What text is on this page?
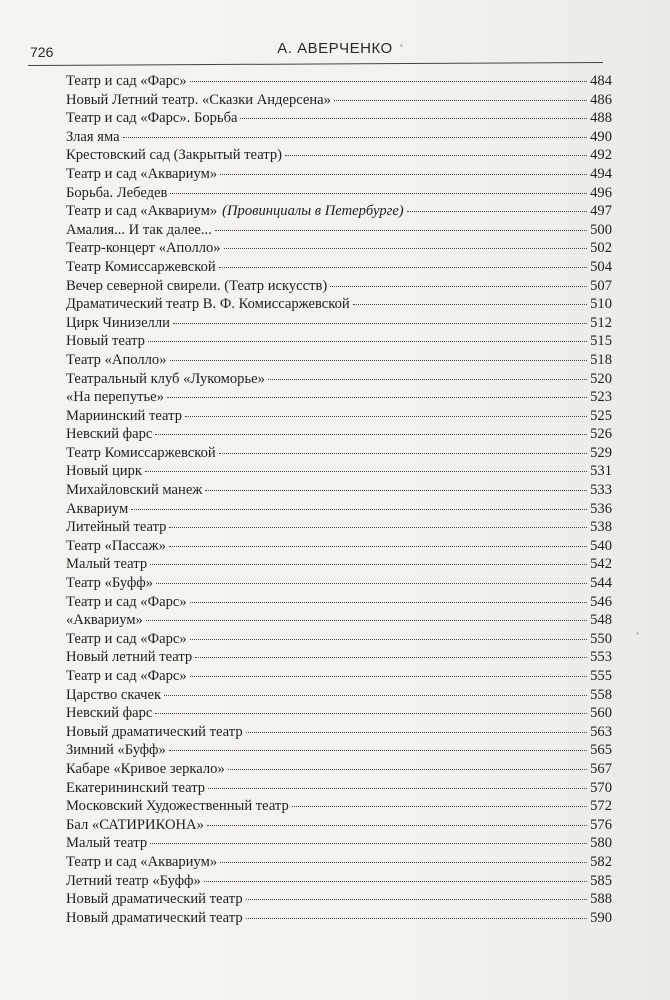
726	А. АВЕРЧЕНКО
Театр и сад «Фарс»	484
Новый Летний театр. «Сказки Андерсена»	486
Театр и сад «Фарс». Борьба	488
Злая яма	490
Крестовский сад (Закрытый театр)	492
Театр и сад «Аквариум»	494
Борьба. Лебедев	496
Театр и сад «Аквариум» (Провинциалы в Петербурге)	497
Амалия... И так далее...	500
Театр-концерт «Аполло»	502
Театр Комиссаржевской	504
Вечер северной свирели. (Театр искусств)	507
Драматический театр В. Ф. Комиссаржевской	510
Цирк Чинизелли	512
Новый театр	515
Театр «Аполло»	518
Театральный клуб «Лукоморье»	520
«На перепутье»	523
Мариинский театр	525
Невский фарс	526
Театр Комиссаржевской	529
Новый цирк	531
Михайловский манеж	533
Аквариум	536
Литейный театр	538
Театр «Пассаж»	540
Малый театр	542
Театр «Буфф»	544
Театр и сад «Фарс»	546
«Аквариум»	548
Театр и сад «Фарс»	550
Новый летний театр	553
Театр и сад «Фарс»	555
Царство скачек	558
Невский фарс	560
Новый драматический театр	563
Зимний «Буфф»	565
Кабаре «Кривое зеркало»	567
Екатерининский театр	570
Московский Художественный театр	572
Бал «САТИРИКОНА»	576
Малый театр	580
Театр и сад «Аквариум»	582
Летний театр «Буфф»	585
Новый драматический театр	588
Новый драматический театр	590
